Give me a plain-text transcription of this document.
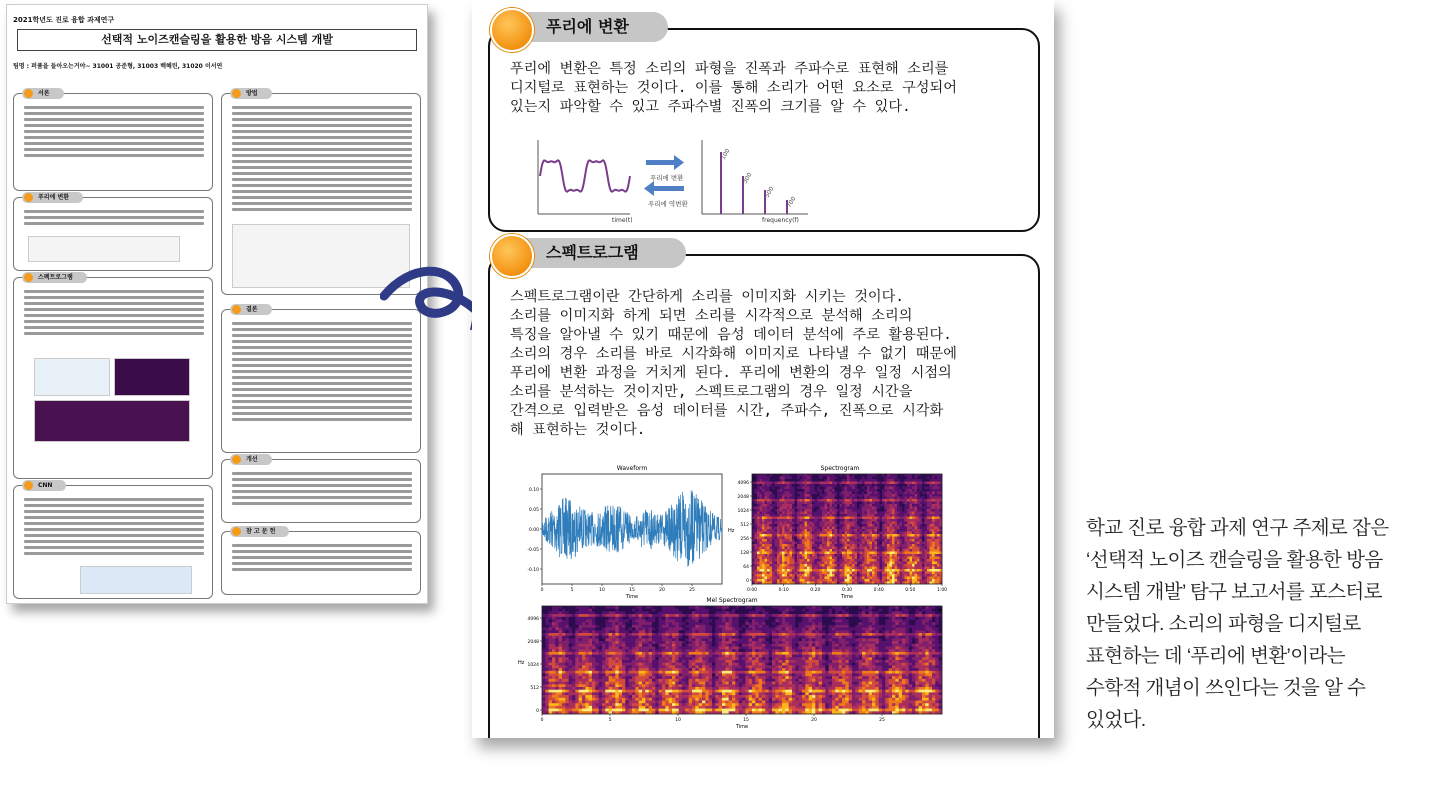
2021학년도 진로 융합 과제연구
선택적 노이즈캔슬링을 활용한 방음 시스템 개발
팀명 : 퍼퓸을 들아오는거야~ 31001 공준형, 31003 백혜린, 31020 이서연
서론
푸리에 변환
스펙트로그램
CNN
방법
결론
개선
참 고 문 헌
푸리에 변환
푸리에 변환은 특정 소리의 파형을 진폭과 주파수로 표현해 소리를
디지털로 표현하는 것이다. 이를 통해 소리가 어떤 요소로 구성되어
있는지 파악할 수 있고 주파수별 진폭의 크기를 알 수 있다.
time(t)
푸리에 변환
푸리에 역변환
100
300
500
700
frequency(f)
스펙트로그램
스펙트로그램이란 간단하게 소리를 이미지화 시키는 것이다.
소리를 이미지화 하게 되면 소리를 시각적으로 분석해 소리의
특징을 알아낼 수 있기 때문에 음성 데이터 분석에 주로 활용된다.
소리의 경우 소리를 바로 시각화해 이미지로 나타낼 수 없기 때문에
푸리에 변환 과정을 거치게 된다. 푸리에 변환의 경우 일정 시점의
소리를 분석하는 것이지만, 스펙트로그램의 경우 일정 시간을
간격으로 입력받은 음성 데이터를 시간, 주파수, 진폭으로 시각화
해 표현하는 것이다.
Waveform
0.10
0.05
0.00
-0.05
-0.10
0	5	10	15	20	25
Time
Spectrogram
4096
2048
1024
512
256
128
64
0
0:00	0:10	0:20	0:30	0:40	0:50	1:00
Hz
Time
Mel Spectrogram
4096
2048
1024
512
0
0	5	10	15	20	25
Hz
Time
학교 진로 융합 과제 연구 주제로 잡은
‘선택적 노이즈 캔슬링을 활용한 방음
시스템 개발’ 탐구 보고서를 포스터로
만들었다. 소리의 파형을 디지털로
표현하는 데 ‘푸리에 변환’이라는
수학적 개념이 쓰인다는 것을 알 수
있었다.
